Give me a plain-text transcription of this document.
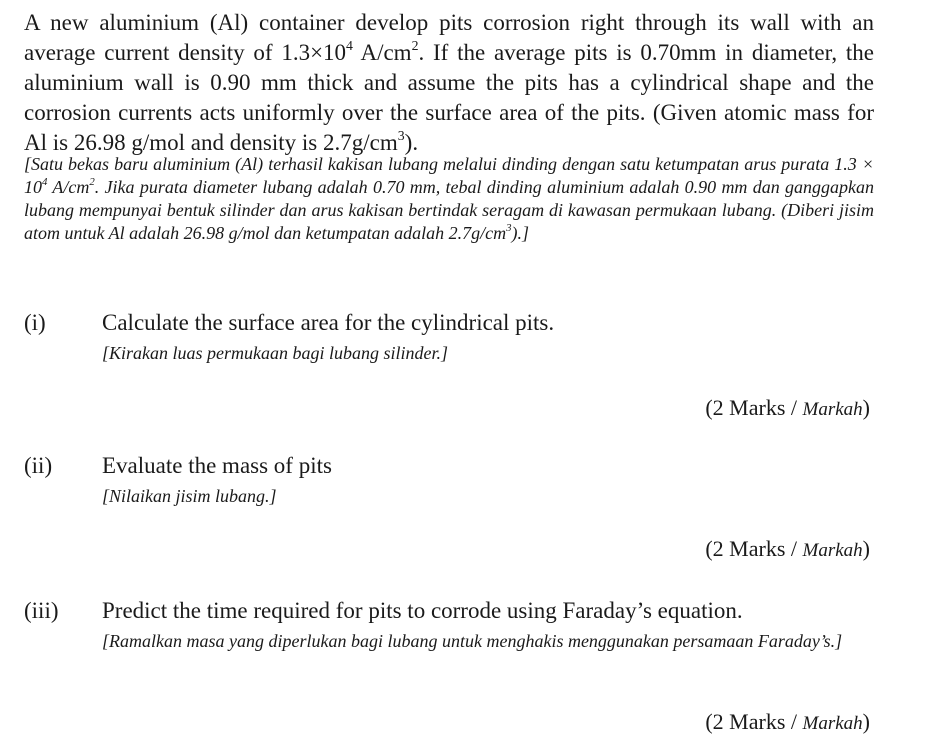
A new aluminium (Al) container develop pits corrosion right through its wall with an average current density of $1.3\times 10^4$ $A/cm^2$. If the average pits is 0.70mm in diameter, the aluminium wall is 0.90 mm thick and assume the pits has a cylindrical shape and the corrosion currents acts uniformly over the surface area of the pits. (Given atomic mass for Al is 26.98 g/mol and density is $2.7g/cm^3$).

[Satu bekas baru aluminium (Al) terhasil kakisan lubang melalui dinding dengan satu ketumpatan arus purata $1.3 \times 10^4$ $A/cm^2$. Jika purata diameter lubang adalah 0.70 mm, tebal dinding aluminium adalah 0.90 mm dan ganggapkan lubang mempunyai bentuk silinder dan arus kakisan bertindak seragam di kawasan permukaan lubang. (Diberi jisim atom untuk Al adalah 26.98 g/mol dan ketumpatan adalah $2.7g/cm^3$).]

(i) Calculate the surface area for the cylindrical pits.
[Kirakan luas permukaan bagi lubang silinder.]
(2 Marks / Markah)
(ii) Evaluate the mass of pits
[Nilaikan jisim lubang.]
(2 Marks / Markah)
(iii) Predict the time required for pits to corrode using Faraday’s equation.
[Ramalkan masa yang diperlukan bagi lubang untuk menghakis menggunakan persamaan Faraday’s.]
(2 Marks / Markah)
